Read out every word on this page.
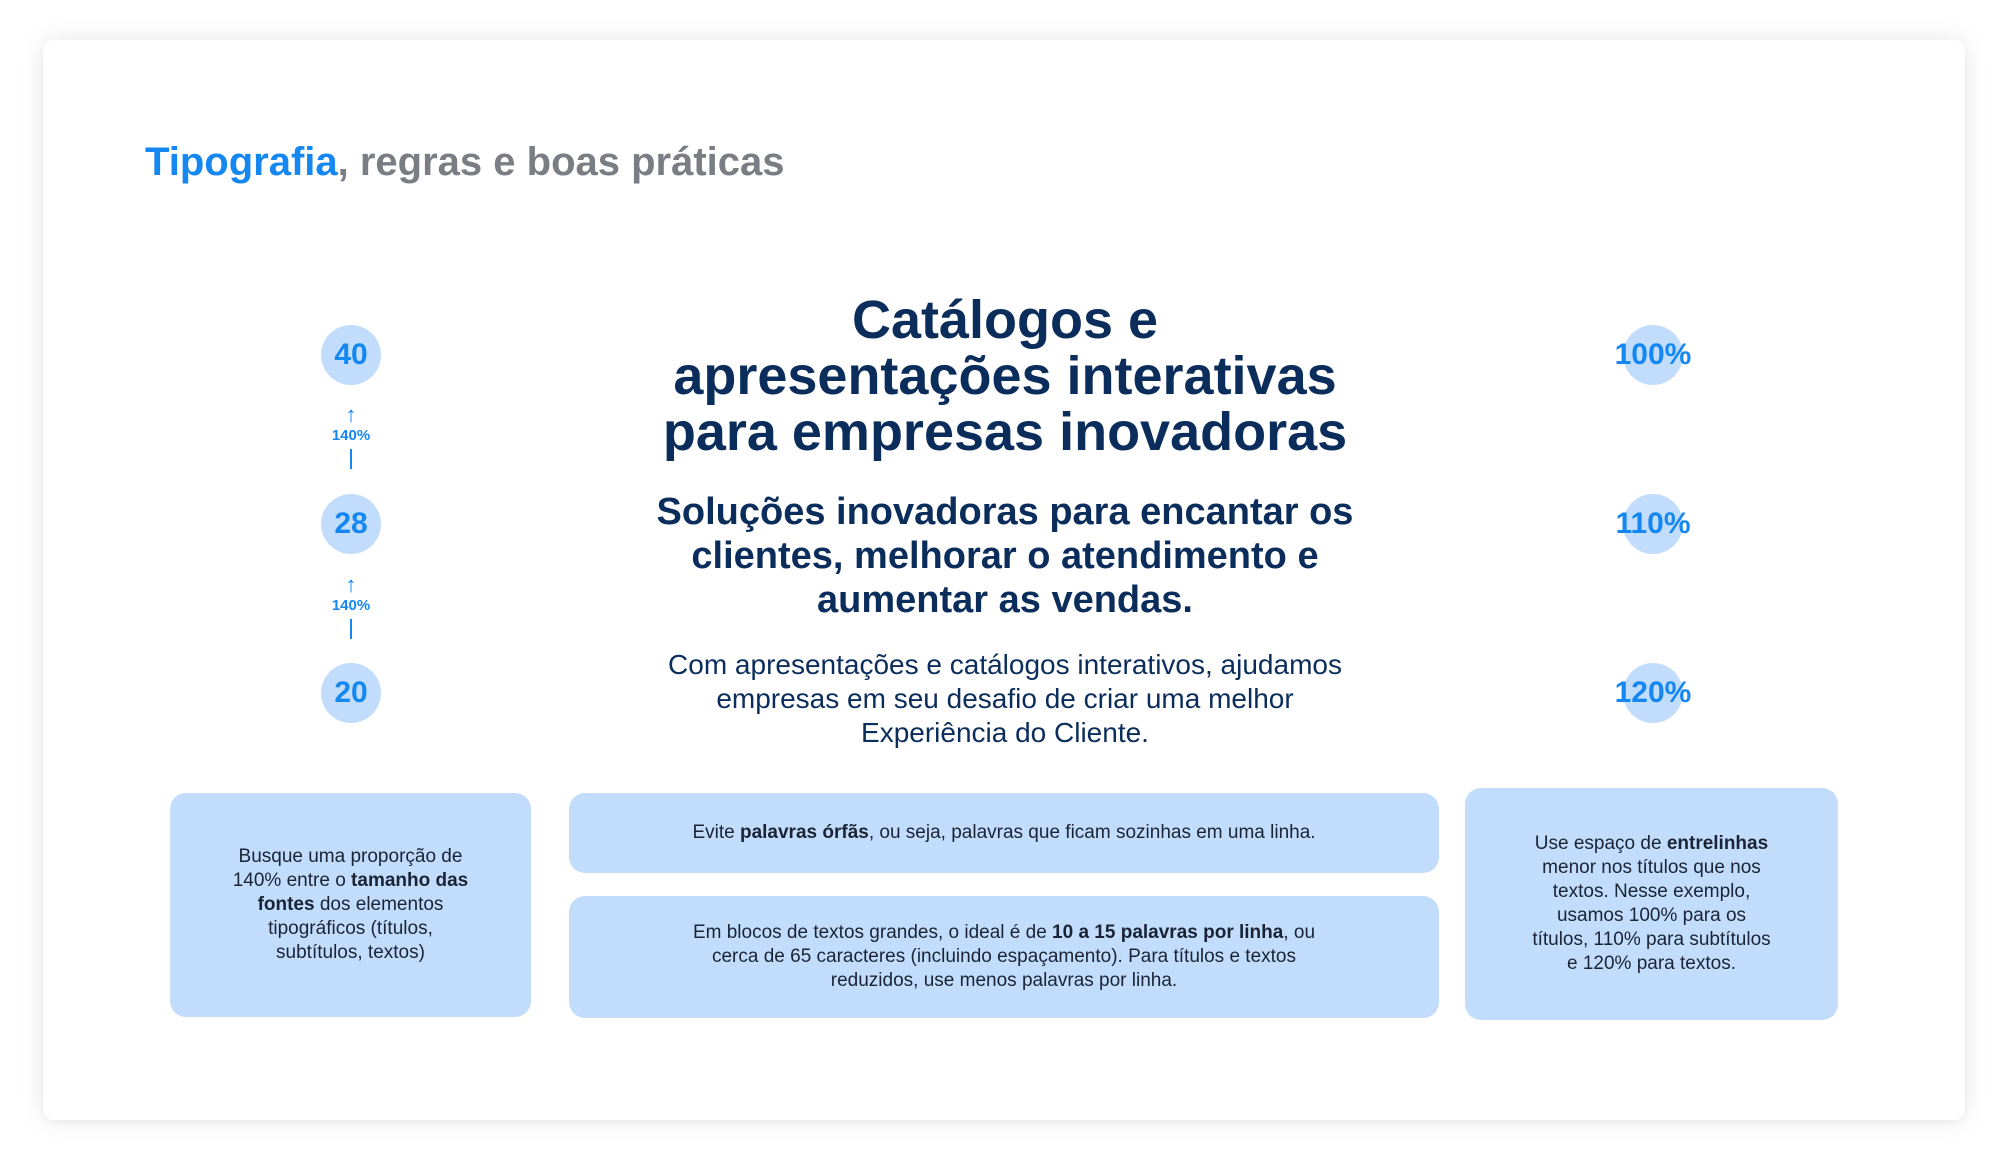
Tipografia, regras e boas práticas
40
↑
140%
28
↑
140%
20
Catálogos e
apresentações interativas
para empresas inovadoras
Soluções inovadoras para encantar os
clientes, melhorar o atendimento e
aumentar as vendas.

Com apresentações e catálogos interativos, ajudamos
empresas em seu desafio de criar uma melhor
Experiência do Cliente.

100%
110%
120%

Busque uma proporção de
140% entre o tamanho das
fontes dos elementos
tipográficos (títulos,
subtítulos, textos)

Evite palavras órfãs, ou seja, palavras que ficam sozinhas em uma linha.

Em blocos de textos grandes, o ideal é de 10 a 15 palavras por linha, ou
cerca de 65 caracteres (incluindo espaçamento). Para títulos e textos
reduzidos, use menos palavras por linha.

Use espaço de entrelinhas
menor nos títulos que nos
textos. Nesse exemplo,
usamos 100% para os
títulos, 110% para subtítulos
e 120% para textos.
